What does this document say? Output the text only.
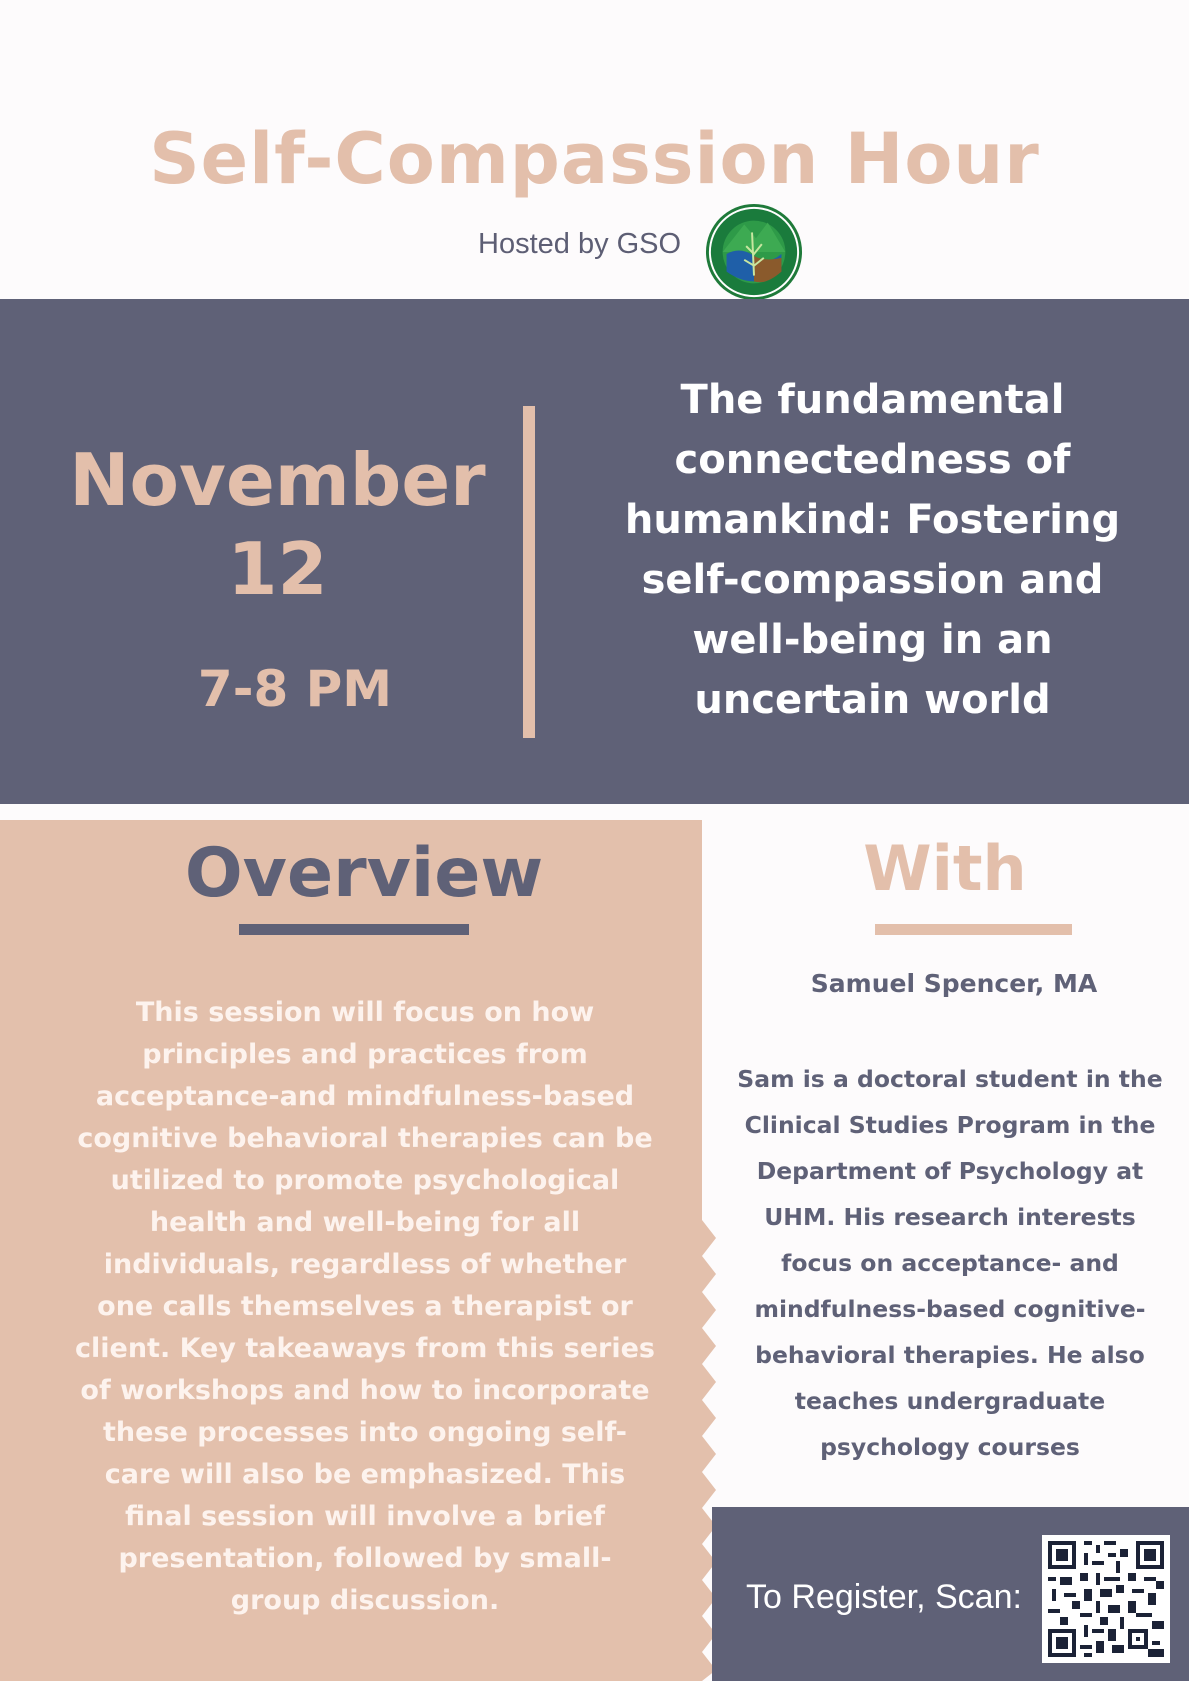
Self-Compassion Hour
Hosted by GSO
November
12
7-8 PM
The fundamental connectedness of humankind: Fostering self-compassion and well-being in an uncertain world
Overview
This session will focus on how principles and practices from acceptance-and mindfulness-based cognitive behavioral therapies can be utilized to promote psychological health and well-being for all individuals, regardless of whether one calls themselves a therapist or client. Key takeaways from this series of workshops and how to incorporate these processes into ongoing self-care will also be emphasized. This final session will involve a brief presentation, followed by small-group discussion.
With
Samuel Spencer, MA
Sam is a doctoral student in the Clinical Studies Program in the Department of Psychology at UHM. His research interests focus on acceptance- and mindfulness-based cognitive-behavioral therapies. He also teaches undergraduate psychology courses
To Register, Scan:
